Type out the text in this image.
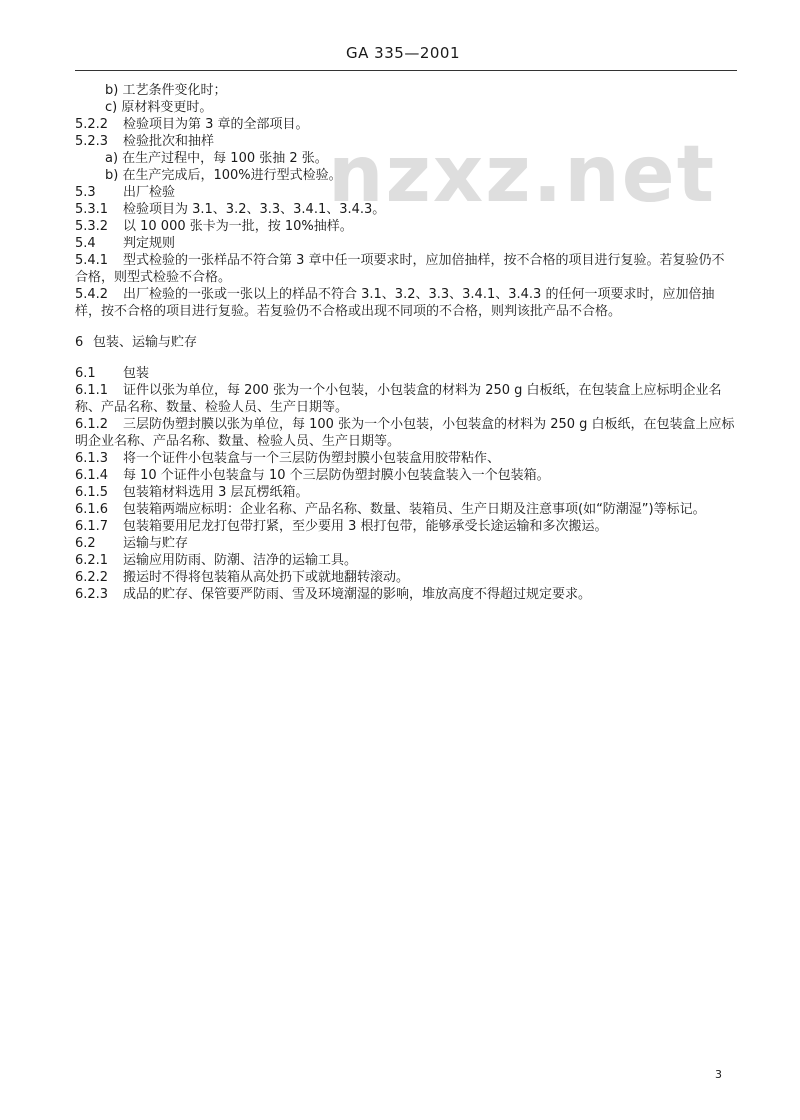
GA 335—2001
nzxz.net

b) 工艺条件变化时；

c) 原材料变更时。

5.2.2 检验项目为第 3 章的全部项目。

5.2.3 检验批次和抽样

a) 在生产过程中，每 100 张抽 2 张。

b) 在生产完成后，100%进行型式检验。

5.3 出厂检验

5.3.1 检验项目为 3.1、3.2、3.3、3.4.1、3.4.3。

5.3.2 以 10 000 张卡为一批，按 10%抽样。

5.4 判定规则

5.4.1 型式检验的一张样品不符合第 3 章中任一项要求时，应加倍抽样，按不合格的项目进行复验。若复验仍不合格，则型式检验不合格。

5.4.2 出厂检验的一张或一张以上的样品不符合 3.1、3.2、3.3、3.4.1、3.4.3 的任何一项要求时，应加倍抽样，按不合格的项目进行复验。若复验仍不合格或出现不同项的不合格，则判该批产品不合格。

6 包装、运输与贮存

6.1 包装

6.1.1 证件以张为单位，每 200 张为一个小包装，小包装盒的材料为 250 g 白板纸，在包装盒上应标明企业名称、产品名称、数量、检验人员、生产日期等。

6.1.2 三层防伪塑封膜以张为单位，每 100 张为一个小包装，小包装盒的材料为 250 g 白板纸，在包装盒上应标明企业名称、产品名称、数量、检验人员、生产日期等。

6.1.3 将一个证件小包装盒与一个三层防伪塑封膜小包装盒用胶带粘作、

6.1.4 每 10 个证件小包装盒与 10 个三层防伪塑封膜小包装盒装入一个包装箱。

6.1.5 包装箱材料选用 3 层瓦楞纸箱。

6.1.6 包装箱两端应标明：企业名称、产品名称、数量、装箱员、生产日期及注意事项(如“防潮湿”)等标记。

6.1.7 包装箱要用尼龙打包带打紧，至少要用 3 根打包带，能够承受长途运输和多次搬运。

6.2 运输与贮存

6.2.1 运输应用防雨、防潮、洁净的运输工具。

6.2.2 搬运时不得将包装箱从高处扔下或就地翻转滚动。

6.2.3 成品的贮存、保管要严防雨、雪及环境潮湿的影响，堆放高度不得超过规定要求。

3
